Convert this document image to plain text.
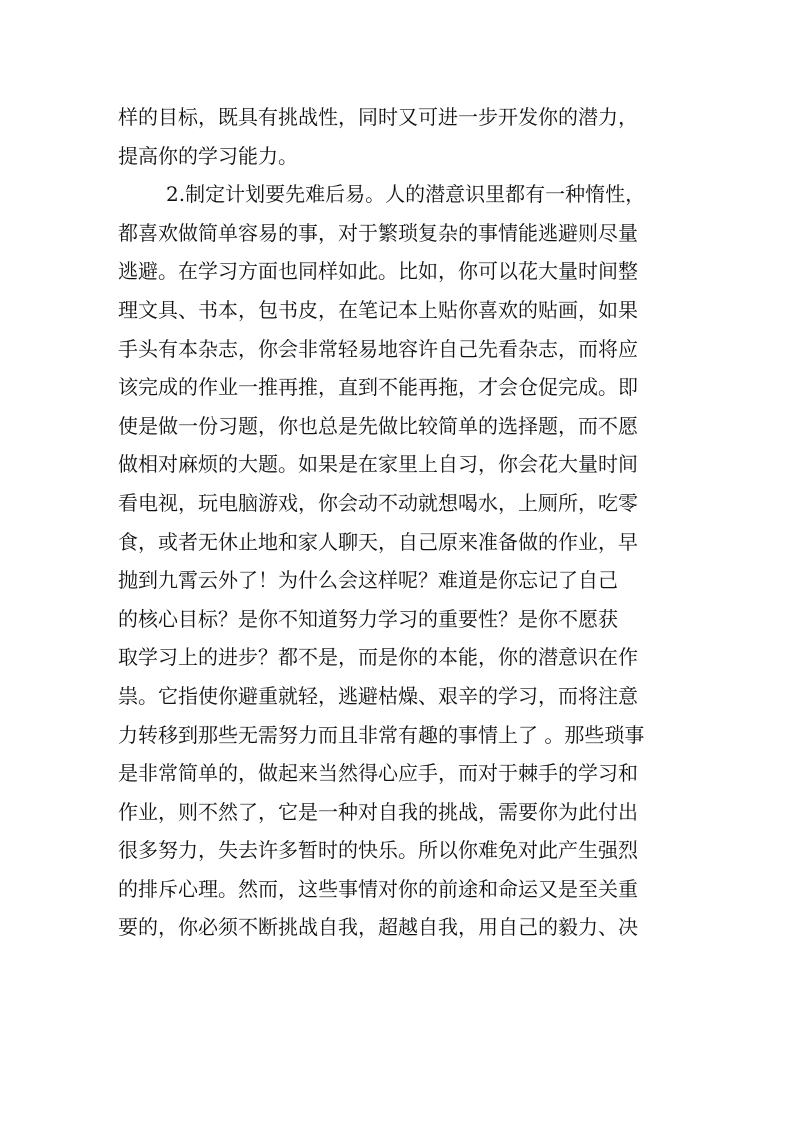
样的目标，既具有挑战性，同时又可进一步开发你的潜力，
提高你的学习能力。
2.制定计划要先难后易。人的潜意识里都有一种惰性，
都喜欢做简单容易的事，对于繁琐复杂的事情能逃避则尽量
逃避。在学习方面也同样如此。比如，你可以花大量时间整
理文具、书本，包书皮，在笔记本上贴你喜欢的贴画，如果
手头有本杂志，你会非常轻易地容许自己先看杂志，而将应
该完成的作业一推再推，直到不能再拖，才会仓促完成。即
使是做一份习题，你也总是先做比较简单的选择题，而不愿
做相对麻烦的大题。如果是在家里上自习，你会花大量时间
看电视，玩电脑游戏，你会动不动就想喝水，上厕所，吃零
食，或者无休止地和家人聊天，自己原来准备做的作业，早
抛到九霄云外了！为什么会这样呢？难道是你忘记了自己
的核心目标？是你不知道努力学习的重要性？是你不愿获
取学习上的进步？都不是，而是你的本能，你的潜意识在作
祟。它指使你避重就轻，逃避枯燥、艰辛的学习，而将注意
力转移到那些无需努力而且非常有趣的事情上了 。那些琐事
是非常简单的，做起来当然得心应手，而对于棘手的学习和
作业，则不然了，它是一种对自我的挑战，需要你为此付出
很多努力，失去许多暂时的快乐。所以你难免对此产生强烈
的排斥心理。然而，这些事情对你的前途和命运又是至关重
要的，你必须不断挑战自我，超越自我，用自己的毅力、决
